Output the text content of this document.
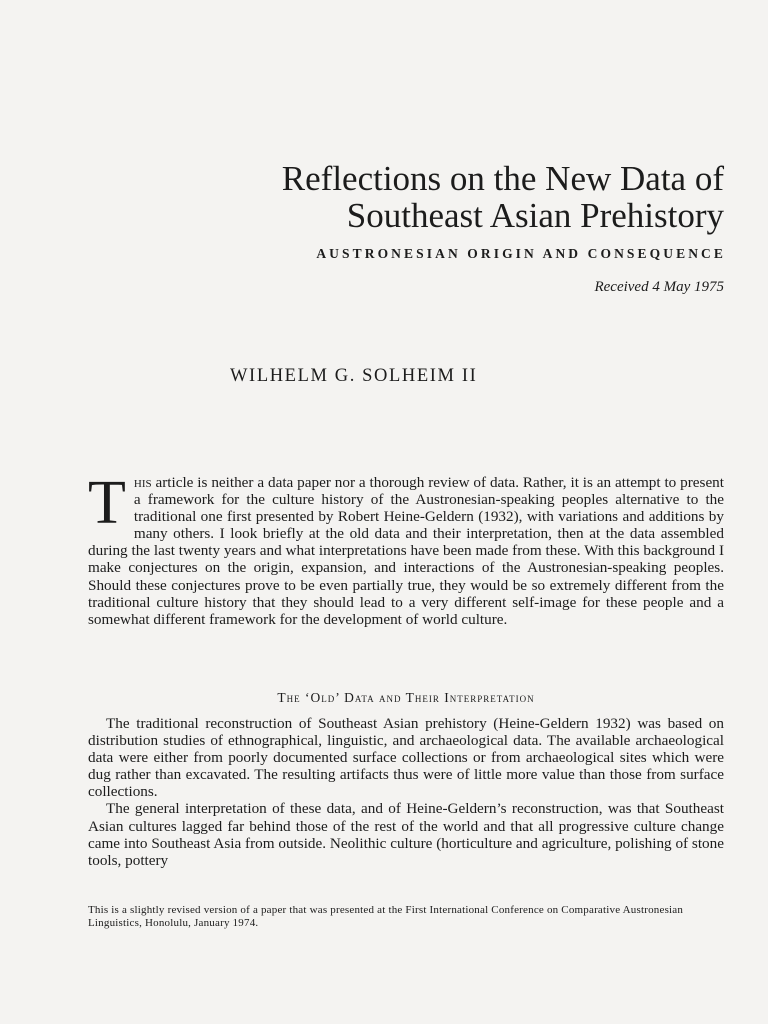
Reflections on the New Data of
Southeast Asian Prehistory
AUSTRONESIAN ORIGIN AND CONSEQUENCE
Received 4 May 1975
WILHELM G. SOLHEIM II
This article is neither a data paper nor a thorough review of data. Rather, it is an attempt to present a framework for the culture history of the Austronesian-speaking peoples alternative to the traditional one first presented by Robert Heine-Geldern (1932), with variations and additions by many others. I look briefly at the old data and their interpretation, then at the data assembled during the last twenty years and what interpretations have been made from these. With this background I make conjectures on the origin, expansion, and interactions of the Austronesian-speaking peoples. Should these conjectures prove to be even partially true, they would be so extremely different from the traditional culture history that they should lead to a very different self-image for these people and a somewhat different framework for the development of world culture.
The ‘Old’ Data and Their Interpretation

The traditional reconstruction of Southeast Asian prehistory (Heine-Geldern 1932) was based on distribution studies of ethnographical, linguistic, and archaeological data. The available archaeological data were either from poorly documented surface collections or from archaeological sites which were dug rather than excavated. The resulting artifacts thus were of little more value than those from surface collections.

The general interpretation of these data, and of Heine-Geldern’s reconstruction, was that Southeast Asian cultures lagged far behind those of the rest of the world and that all progressive culture change came into Southeast Asia from outside. Neolithic culture (horticulture and agriculture, polishing of stone tools, pottery

This is a slightly revised version of a paper that was presented at the First International Conference on Comparative Austronesian Linguistics, Honolulu, January 1974.
